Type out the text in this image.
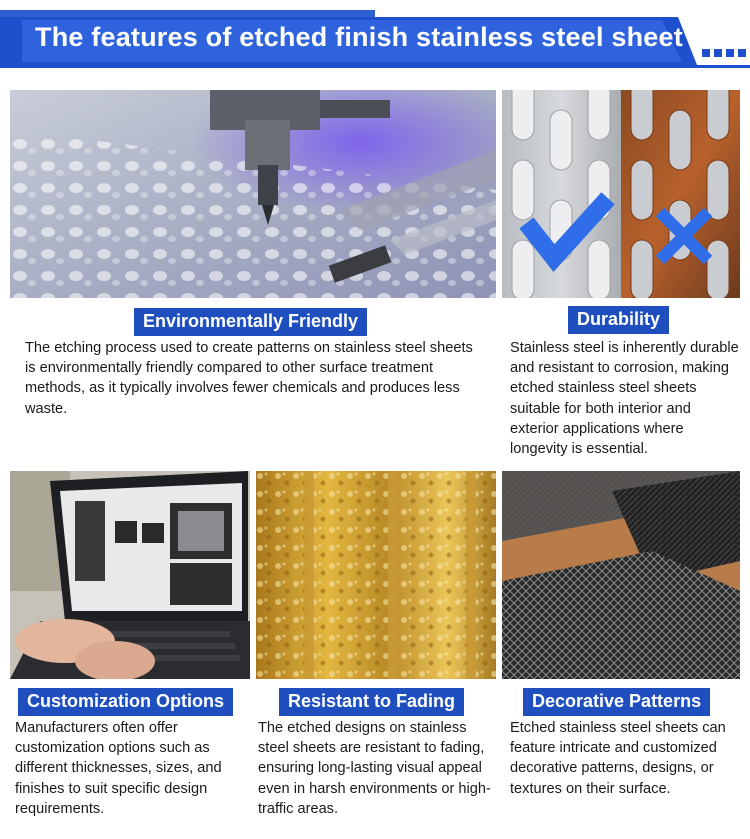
The features of etched finish stainless steel sheet
Environmentally Friendly

The etching process used to create patterns on stainless steel sheets is environmentally friendly compared to other surface treatment methods, as it typically involves fewer chemicals and produces less waste.

Durability

Stainless steel is inherently durable and resistant to corrosion, making etched stainless steel sheets suitable for both interior and exterior applications where longevity is essential.

Customization Options

Manufacturers often offer customization options such as different thicknesses, sizes, and finishes to suit specific design requirements.

Resistant to Fading

The etched designs on stainless steel sheets are resistant to fading, ensuring long-lasting visual appeal even in harsh environments or high-traffic areas.

Decorative Patterns

Etched stainless steel sheets can feature intricate and customized decorative patterns, designs, or textures on their surface.
